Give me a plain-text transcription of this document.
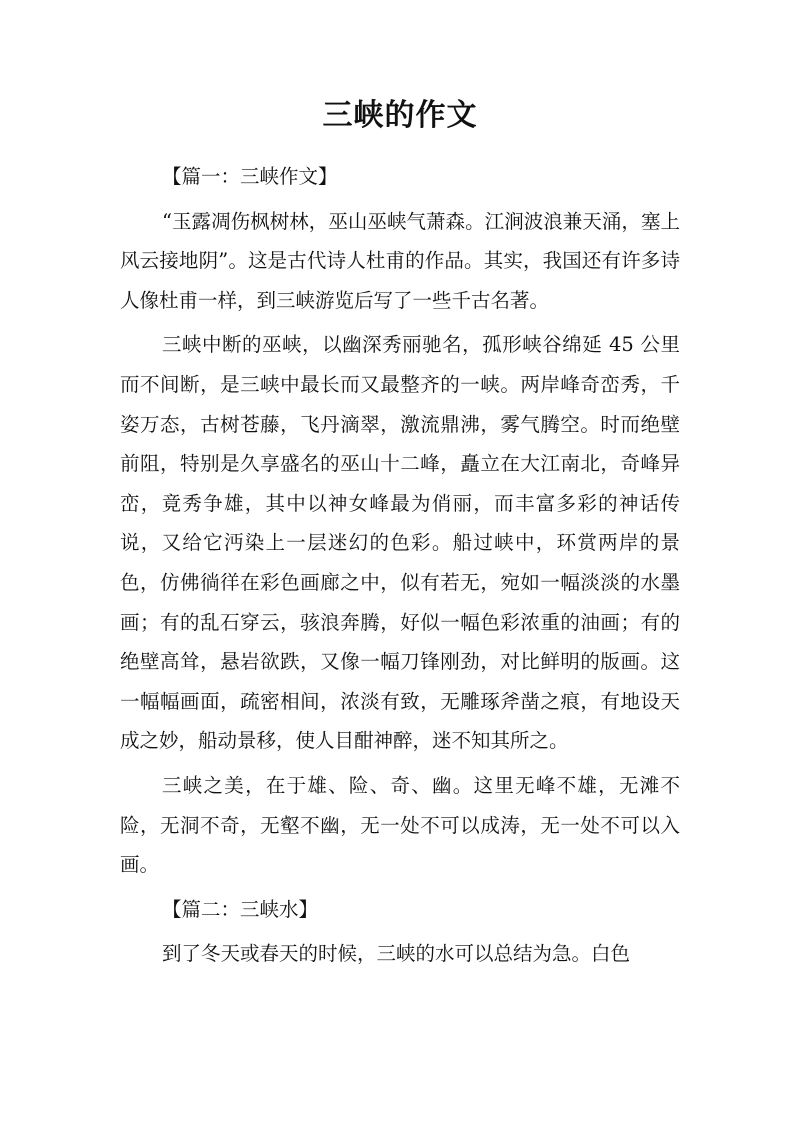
三峡的作文

【篇一：三峡作文】

“玉露凋伤枫树林，巫山巫峡气萧森。江涧波浪兼天涌，塞上风云接地阴”。这是古代诗人杜甫的作品。其实，我国还有许多诗人像杜甫一样，到三峡游览后写了一些千古名著。

三峡中断的巫峡，以幽深秀丽驰名，孤形峡谷绵延 45 公里而不间断，是三峡中最长而又最整齐的一峡。两岸峰奇峦秀，千姿万态，古树苍藤，飞丹滴翠，激流鼎沸，雾气腾空。时而绝壁前阻，特别是久享盛名的巫山十二峰，矗立在大江南北，奇峰异峦，竟秀争雄，其中以神女峰最为俏丽，而丰富多彩的神话传说，又给它沔染上一层迷幻的色彩。船过峡中，环赏两岸的景色，仿佛徜徉在彩色画廊之中，似有若无，宛如一幅淡淡的水墨画；有的乱石穿云，骇浪奔腾，好似一幅色彩浓重的油画；有的绝壁高耸，悬岩欲跌，又像一幅刀锋刚劲，对比鲜明的版画。这一幅幅画面，疏密相间，浓淡有致，无雕琢斧凿之痕，有地设天成之妙，船动景移，使人目酣神醉，迷不知其所之。

三峡之美，在于雄、险、奇、幽。这里无峰不雄，无滩不险，无洞不奇，无壑不幽，无一处不可以成涛，无一处不可以入画。

【篇二：三峡水】

到了冬天或春天的时候，三峡的水可以总结为急。白色
